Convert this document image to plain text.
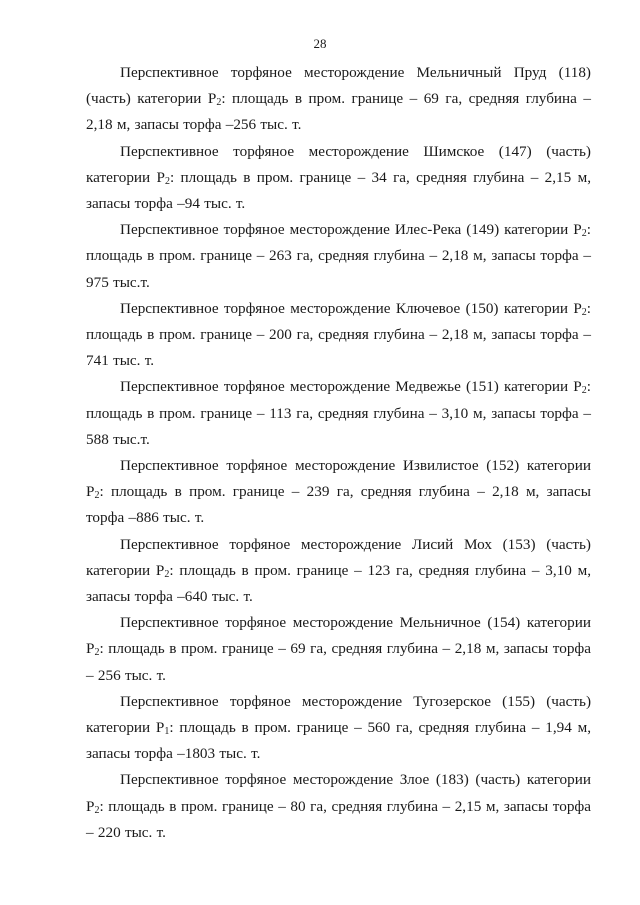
28

Перспективное торфяное месторождение Мельничный Пруд (118) (часть) категории $Р_2$: площадь в пром. границе – 69 га, средняя глубина – 2,18 м, запасы торфа –256 тыс. т.

Перспективное торфяное месторождение Шимское (147) (часть) категории $Р_2$: площадь в пром. границе – 34 га, средняя глубина – 2,15 м, запасы торфа –94 тыс. т.

Перспективное торфяное месторождение Илес-Река (149) категории $Р_2$: площадь в пром. границе – 263 га, средняя глубина – 2,18 м, запасы торфа – 975 тыс.т.

Перспективное торфяное месторождение Ключевое (150) категории $Р_2$: площадь в пром. границе – 200 га, средняя глубина – 2,18 м, запасы торфа – 741 тыс. т.

Перспективное торфяное месторождение Медвежье (151) категории $Р_2$: площадь в пром. границе – 113 га, средняя глубина – 3,10 м, запасы торфа – 588 тыс.т.

Перспективное торфяное месторождение Извилистое (152) категории $Р_2$: площадь в пром. границе – 239 га, средняя глубина – 2,18 м, запасы торфа –886 тыс. т.

Перспективное торфяное месторождение Лисий Мох (153) (часть) категории $Р_2$: площадь в пром. границе – 123 га, средняя глубина – 3,10 м, запасы торфа –640 тыс. т.

Перспективное торфяное месторождение Мельничное (154) категории $Р_2$: площадь в пром. границе – 69 га, средняя глубина – 2,18 м, запасы торфа – 256 тыс. т.

Перспективное торфяное месторождение Тугозерское (155) (часть) категории $Р_1$: площадь в пром. границе – 560 га, средняя глубина – 1,94 м, запасы торфа –1803 тыс. т.

Перспективное торфяное месторождение Злое (183) (часть) категории $Р_2$: площадь в пром. границе – 80 га, средняя глубина – 2,15 м, запасы торфа – 220 тыс. т.
